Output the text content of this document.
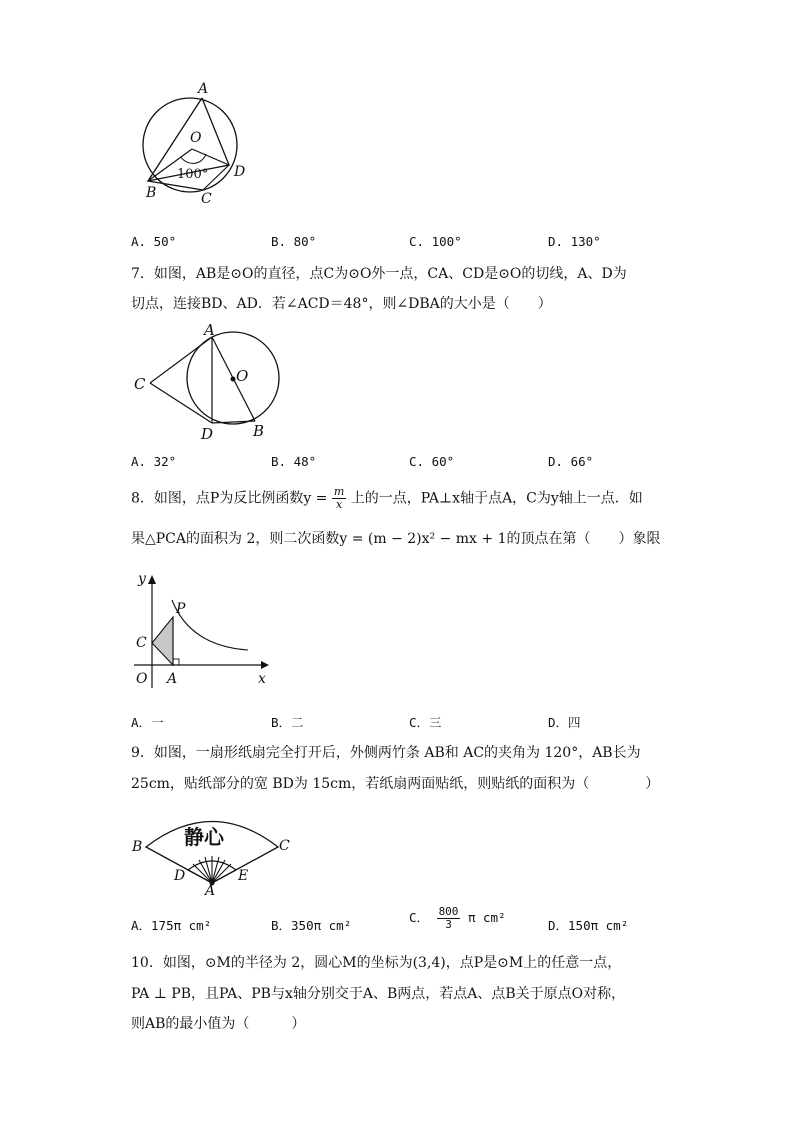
A
O
D
B	C
100°
A. 50°	B. 80°	C. 100°	D. 130°
7．如图，AB是⊙O的直径，点C为⊙O外一点，CA、CD是⊙O的切线，A、D为
切点，连接BD、AD．若∠ACD＝48°，则∠DBA的大小是（　　）
A
O
C
D	B
A. 32°	B. 48°	C. 60°	D. 66°
8．如图，点P为反比例函数$y = \frac{m}{x}$ 上的一点，PA⊥x轴于点A，C为y轴上一点．如
果△PCA的面积为 2，则二次函数y = (m − 2)x² − mx + 1的顶点在第（　　）象限
y
P
C
O A	x
A．一	B．二	C．三	D．四
9．如图，一扇形纸扇完全打开后，外侧两竹条 AB和 AC的夹角为 120°，AB长为
25cm，贴纸部分的宽 BD为 15cm，若纸扇两面贴纸，则贴纸的面积为（　　　　）
静心
B	C
D	E
A
A．175π cm²	B．350π cm²
C． $\frac{800}{3}$ π cm²
D．150π cm²
10．如图，⊙M的半径为 2，圆心M的坐标为(3,4)，点P是⊙M上的任意一点，
PA ⊥ PB，且PA、PB与x轴分别交于A、B两点，若点A、点B关于原点O对称，
则AB的最小值为（　　　）
